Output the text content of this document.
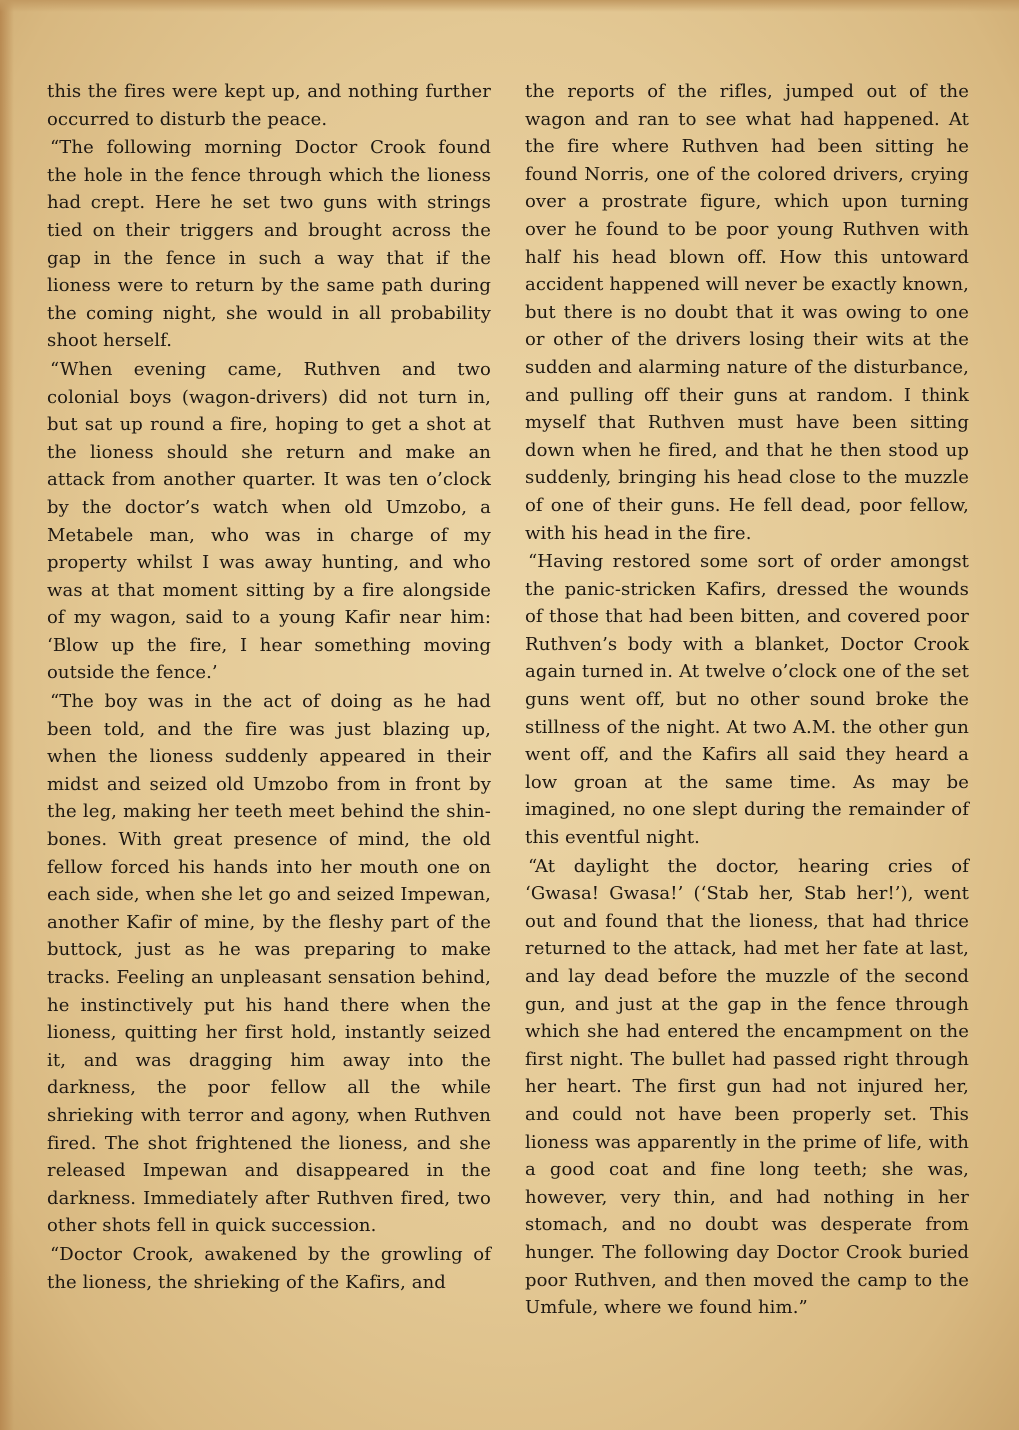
this the fires were kept up, and nothing further occurred to disturb the peace.

“The following morning Doctor Crook found the hole in the fence through which the lioness had crept. Here he set two guns with strings tied on their triggers and brought across the gap in the fence in such a way that if the lioness were to return by the same path during the coming night, she would in all probability shoot herself.

“When evening came, Ruthven and two colonial boys (wagon-drivers) did not turn in, but sat up round a fire, hoping to get a shot at the lioness should she return and make an attack from another quarter. It was ten o’clock by the doctor’s watch when old Umzobo, a Metabele man, who was in charge of my property whilst I was away hunting, and who was at that moment sitting by a fire alongside of my wagon, said to a young Kafir near him: ‘Blow up the fire, I hear something moving outside the fence.’

“The boy was in the act of doing as he had been told, and the fire was just blazing up, when the lioness suddenly appeared in their midst and seized old Umzobo from in front by the leg, making her teeth meet behind the shin-bones. With great presence of mind, the old fellow forced his hands into her mouth one on each side, when she let go and seized Impewan, another Kafir of mine, by the fleshy part of the buttock, just as he was preparing to make tracks. Feeling an unpleasant sensation behind, he instinctively put his hand there when the lioness, quitting her first hold, instantly seized it, and was dragging him away into the darkness, the poor fellow all the while shrieking with terror and agony, when Ruthven fired. The shot frightened the lioness, and she released Impewan and disappeared in the darkness. Immediately after Ruthven fired, two other shots fell in quick succession.

“Doctor Crook, awakened by the growling of the lioness, the shrieking of the Kafirs, and

the reports of the rifles, jumped out of the wagon and ran to see what had happened. At the fire where Ruthven had been sitting he found Norris, one of the colored drivers, crying over a prostrate figure, which upon turning over he found to be poor young Ruthven with half his head blown off. How this untoward accident happened will never be exactly known, but there is no doubt that it was owing to one or other of the drivers losing their wits at the sudden and alarming nature of the disturbance, and pulling off their guns at random. I think myself that Ruthven must have been sitting down when he fired, and that he then stood up suddenly, bringing his head close to the muzzle of one of their guns. He fell dead, poor fellow, with his head in the fire.

“Having restored some sort of order amongst the panic-stricken Kafirs, dressed the wounds of those that had been bitten, and covered poor Ruthven’s body with a blanket, Doctor Crook again turned in. At twelve o’clock one of the set guns went off, but no other sound broke the stillness of the night. At two A.M. the other gun went off, and the Kafirs all said they heard a low groan at the same time. As may be imagined, no one slept during the remainder of this eventful night.

“At daylight the doctor, hearing cries of ‘Gwasa! Gwasa!’ (‘Stab her, Stab her!’), went out and found that the lioness, that had thrice returned to the attack, had met her fate at last, and lay dead before the muzzle of the second gun, and just at the gap in the fence through which she had entered the encampment on the first night. The bullet had passed right through her heart. The first gun had not injured her, and could not have been properly set. This lioness was apparently in the prime of life, with a good coat and fine long teeth; she was, however, very thin, and had nothing in her stomach, and no doubt was desperate from hunger. The following day Doctor Crook buried poor Ruthven, and then moved the camp to the Umfule, where we found him.”
